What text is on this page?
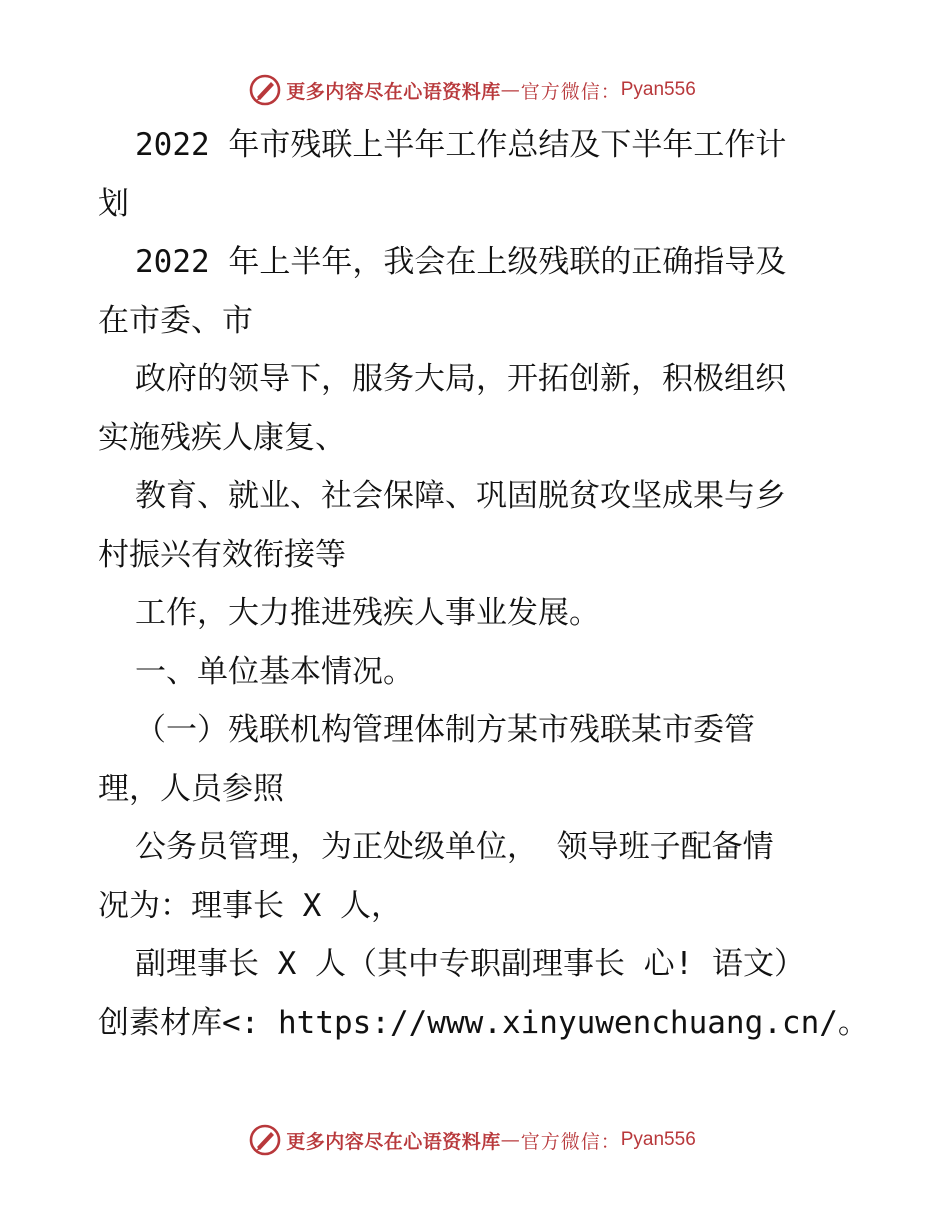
更多内容尽在心语资料库 — 官方微信： Pyan556
2022 年市残联上半年工作总结及下半年工作计
划
2022 年上半年，我会在上级残联的正确指导及
在市委、市
政府的领导下，服务大局，开拓创新，积极组织
实施残疾人康复、
教育、就业、社会保障、巩固脱贫攻坚成果与乡
村振兴有效衔接等
工作，大力推进残疾人事业发展。
一、单位基本情况。
（一）残联机构管理体制方某市残联某市委管
理，人员参照
公务员管理，为正处级单位， 领导班子配备情
况为：理事长 X 人，
副理事长 X 人（其中专职副理事长 心! 语文）
创素材库<: https://www.xinyuwenchuang.cn/。
更多内容尽在心语资料库 — 官方微信： Pyan556
